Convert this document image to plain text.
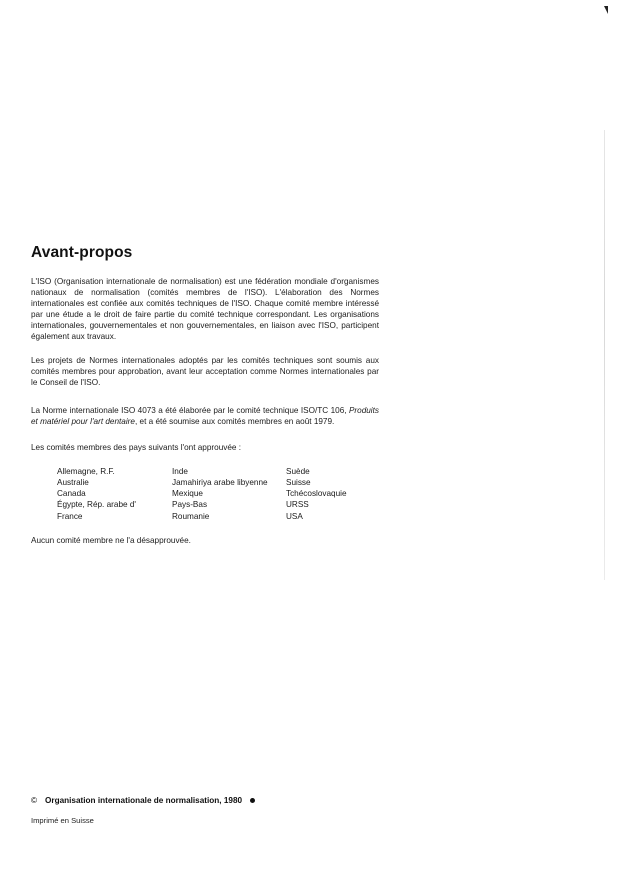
Avant-propos

L'ISO (Organisation internationale de normalisation) est une fédération mondiale d'organismes nationaux de normalisation (comités membres de l'ISO). L'élaboration des Normes internationales est confiée aux comités techniques de l'ISO. Chaque comité membre intéressé par une étude a le droit de faire partie du comité technique correspondant. Les organisations internationales, gouvernementales et non gouvernementales, en liaison avec l'ISO, participent également aux travaux.

Les projets de Normes internationales adoptés par les comités techniques sont soumis aux comités membres pour approbation, avant leur acceptation comme Normes internationales par le Conseil de l'ISO.

La Norme internationale ISO 4073 a été élaborée par le comité technique ISO/TC 106, Produits et matériel pour l'art dentaire, et a été soumise aux comités membres en août 1979.

Les comités membres des pays suivants l'ont approuvée :

Allemagne, R.F.
Australie
Canada
Égypte, Rép. arabe d'
France
Inde
Jamahiriya arabe libyenne
Mexique
Pays-Bas
Roumanie
Suède
Suisse
Tchécoslovaquie
URSS
USA

Aucun comité membre ne l'a désapprouvée.

© Organisation internationale de normalisation, 1980
Imprimé en Suisse
